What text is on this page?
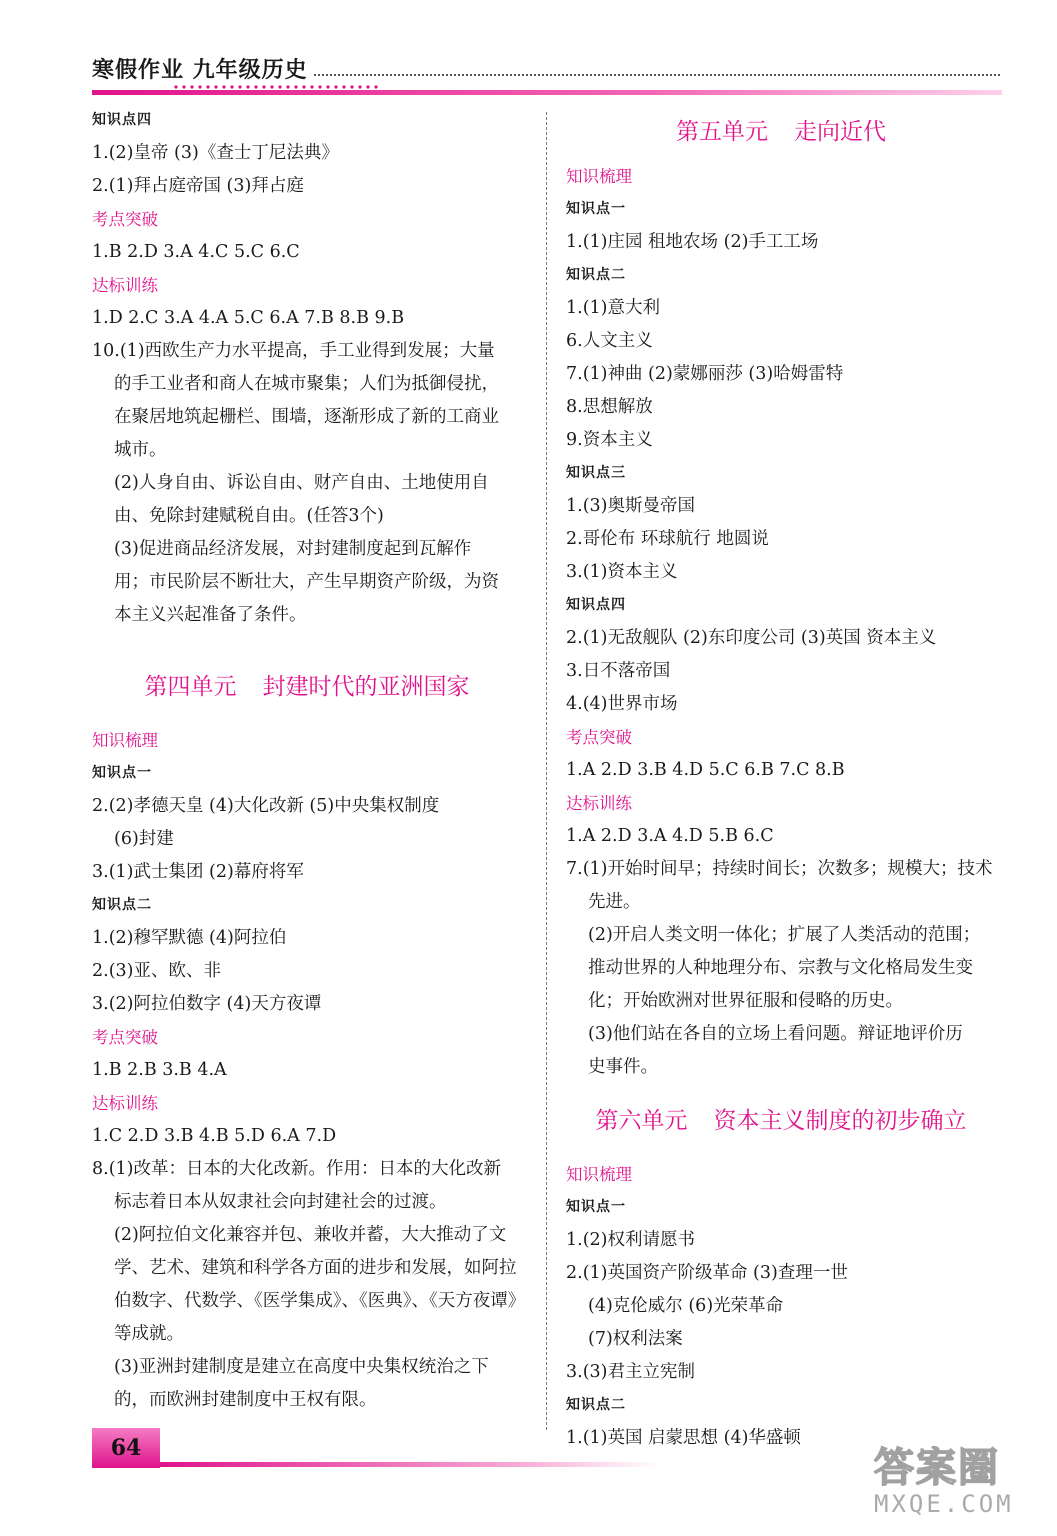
寒假作业 九年级历史
知识点四
1.(2)皇帝 (3)《查士丁尼法典》
2.(1)拜占庭帝国 (3)拜占庭
考点突破
1.B 2.D 3.A 4.C 5.C 6.C
达标训练
1.D 2.C 3.A 4.A 5.C 6.A 7.B 8.B 9.B
10.(1)西欧生产力水平提高，手工业得到发展；大量
的手工业者和商人在城市聚集；人们为抵御侵扰，
在聚居地筑起栅栏、围墙，逐渐形成了新的工商业
城市。
(2)人身自由、诉讼自由、财产自由、土地使用自
由、免除封建赋税自由。(任答3个)
(3)促进商品经济发展，对封建制度起到瓦解作
用；市民阶层不断壮大，产生早期资产阶级，为资
本主义兴起准备了条件。
第四单元 封建时代的亚洲国家
知识梳理
知识点一
2.(2)孝德天皇 (4)大化改新 (5)中央集权制度
(6)封建
3.(1)武士集团 (2)幕府将军
知识点二
1.(2)穆罕默德 (4)阿拉伯
2.(3)亚、欧、非
3.(2)阿拉伯数字 (4)天方夜谭
考点突破
1.B 2.B 3.B 4.A
达标训练
1.C 2.D 3.B 4.B 5.D 6.A 7.D
8.(1)改革：日本的大化改新。作用：日本的大化改新
标志着日本从奴隶社会向封建社会的过渡。
(2)阿拉伯文化兼容并包、兼收并蓄，大大推动了文
学、艺术、建筑和科学各方面的进步和发展，如阿拉
伯数字、代数学、《医学集成》、《医典》、《天方夜谭》
等成就。
(3)亚洲封建制度是建立在高度中央集权统治之下
的，而欧洲封建制度中王权有限。
第五单元 走向近代
知识梳理
知识点一
1.(1)庄园 租地农场 (2)手工工场
知识点二
1.(1)意大利
6.人文主义
7.(1)神曲 (2)蒙娜丽莎 (3)哈姆雷特
8.思想解放
9.资本主义
知识点三
1.(3)奥斯曼帝国
2.哥伦布 环球航行 地圆说
3.(1)资本主义
知识点四
2.(1)无敌舰队 (2)东印度公司 (3)英国 资本主义
3.日不落帝国
4.(4)世界市场
考点突破
1.A 2.D 3.B 4.D 5.C 6.B 7.C 8.B
达标训练
1.A 2.D 3.A 4.D 5.B 6.C
7.(1)开始时间早；持续时间长；次数多；规模大；技术
先进。
(2)开启人类文明一体化；扩展了人类活动的范围；
推动世界的人种地理分布、宗教与文化格局发生变
化；开始欧洲对世界征服和侵略的历史。
(3)他们站在各自的立场上看问题。辩证地评价历
史事件。
第六单元 资本主义制度的初步确立
知识梳理
知识点一
1.(2)权利请愿书
2.(1)英国资产阶级革命 (3)查理一世
(4)克伦威尔 (6)光荣革命
(7)权利法案
3.(3)君主立宪制
知识点二
1.(1)英国 启蒙思想 (4)华盛顿
64	答案圈
MXQE.COM
